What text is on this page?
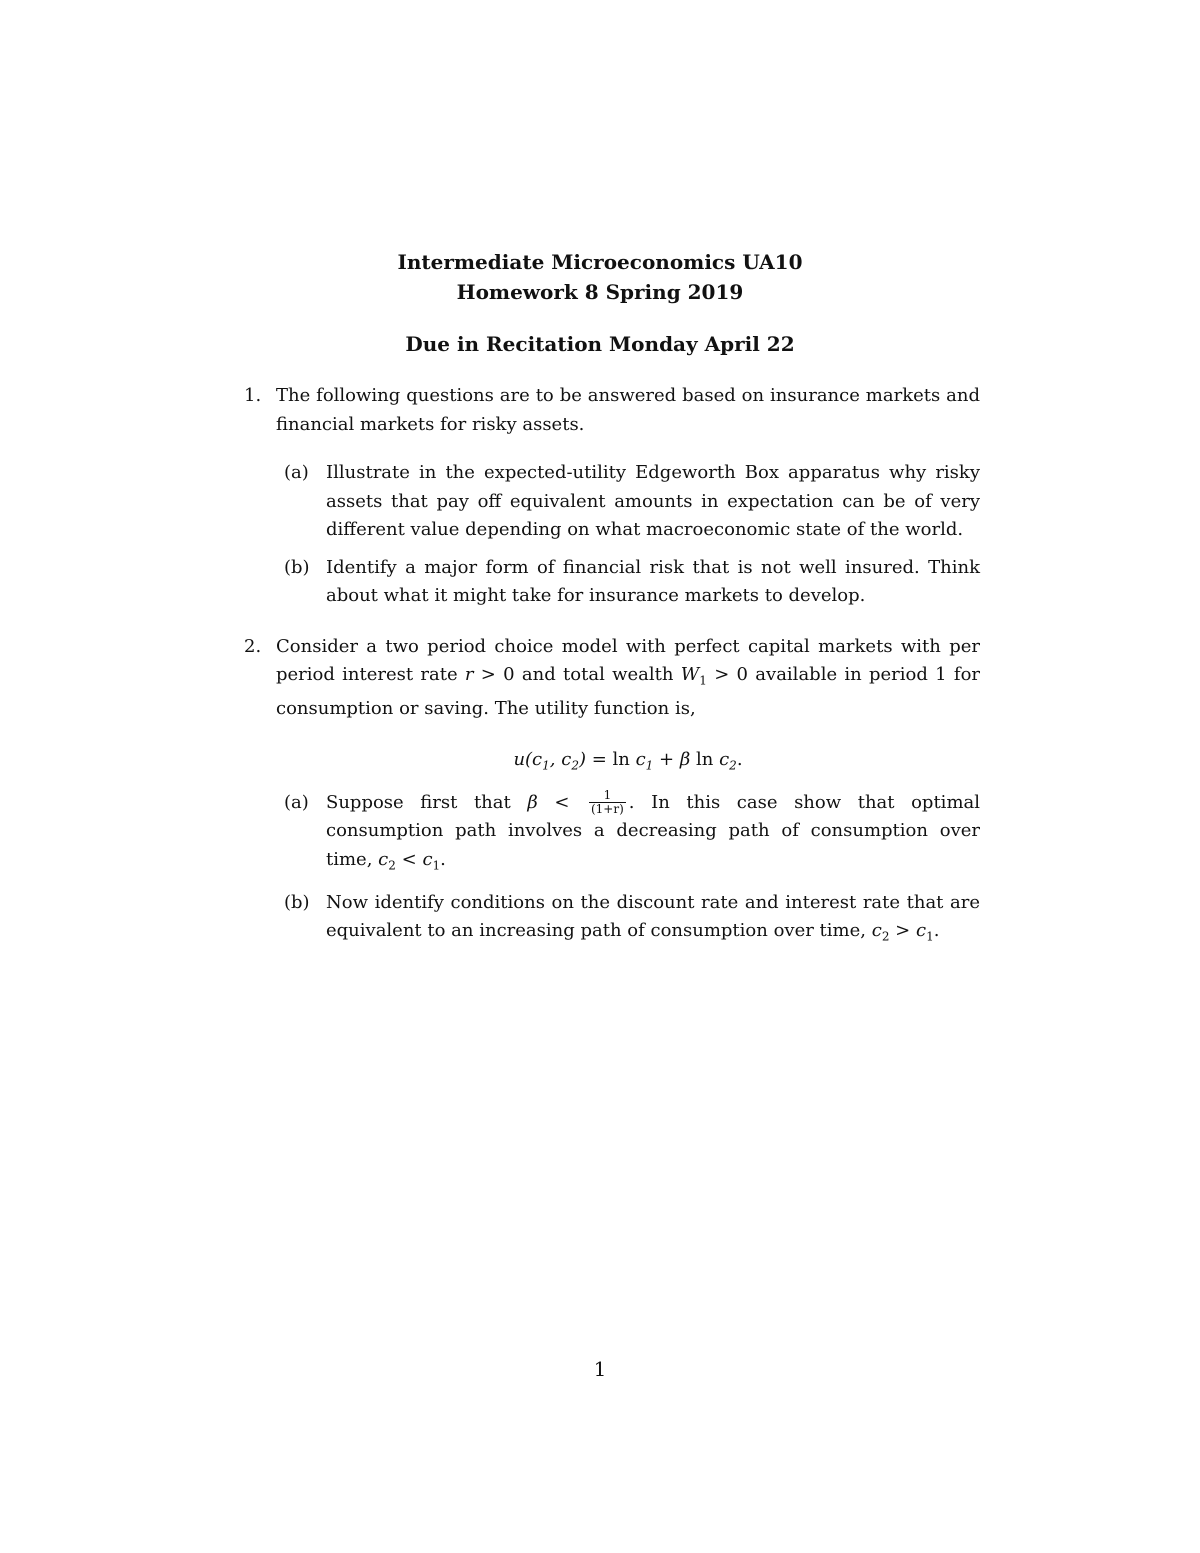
Intermediate Microeconomics UA10
Homework 8 Spring 2019
Due in Recitation Monday April 22
1. The following questions are to be answered based on insurance markets and financial markets for risky assets.
(a) Illustrate in the expected-utility Edgeworth Box apparatus why risky assets that pay off equivalent amounts in expectation can be of very different value depending on what macroeconomic state of the world.
(b) Identify a major form of financial risk that is not well insured. Think about what it might take for insurance markets to develop.
2. Consider a two period choice model with perfect capital markets with per period interest rate r > 0 and total wealth $W_1 > 0$ available in period 1 for consumption or saving. The utility function is,
$u(c_1$, $c_2) = \ln c_1 + \beta$ $\ln c_2$.
(a) Suppose first that $\beta < \frac{1}{(1+r)}$ . In this case show that optimal consumption path involves a decreasing path of consumption over time, $c_2 < c_1$.
(b) Now identify conditions on the discount rate and interest rate that are equivalent to an increasing path of consumption over time, $c_2 > c_1$.
1
